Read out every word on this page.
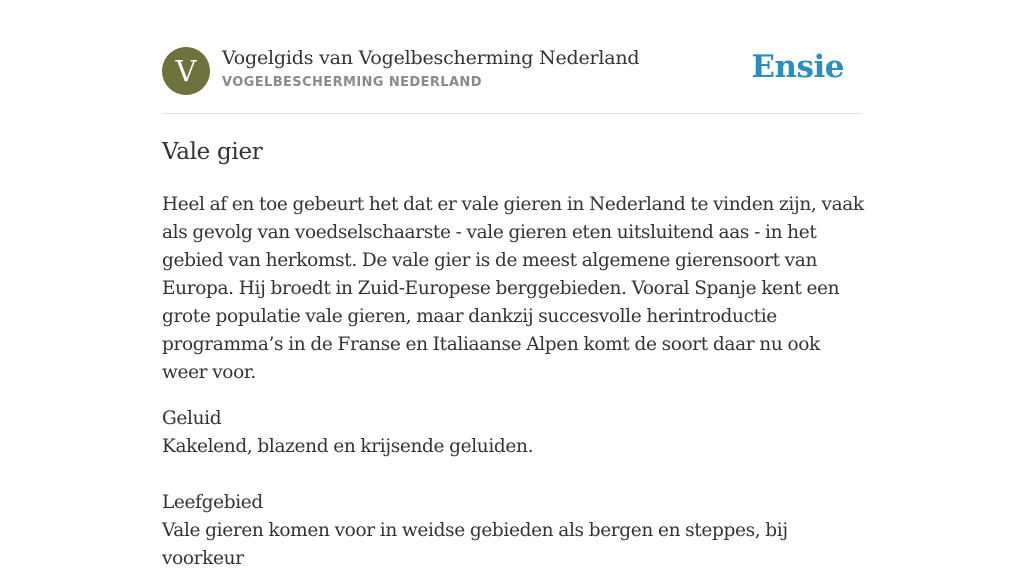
V	Vogelgids van Vogelbescherming Nederland
VOGELBESCHERMING NEDERLAND	Ensie
Vale gier

Heel af en toe gebeurt het dat er vale gieren in Nederland te vinden zijn, vaak als gevolg van voedselschaarste - vale gieren eten uitsluitend aas - in het gebied van herkomst. De vale gier is de meest algemene gierensoort van Europa. Hij broedt in Zuid-Europese berggebieden. Vooral Spanje kent een grote populatie vale gieren, maar dankzij succesvolle herintroductie programma’s in de Franse en Italiaanse Alpen komt de soort daar nu ook weer voor.

Geluid
Kakelend, blazend en krijsende geluiden.
Leefgebied
Vale gieren komen voor in weidse gebieden als bergen en steppes, bij voorkeur
